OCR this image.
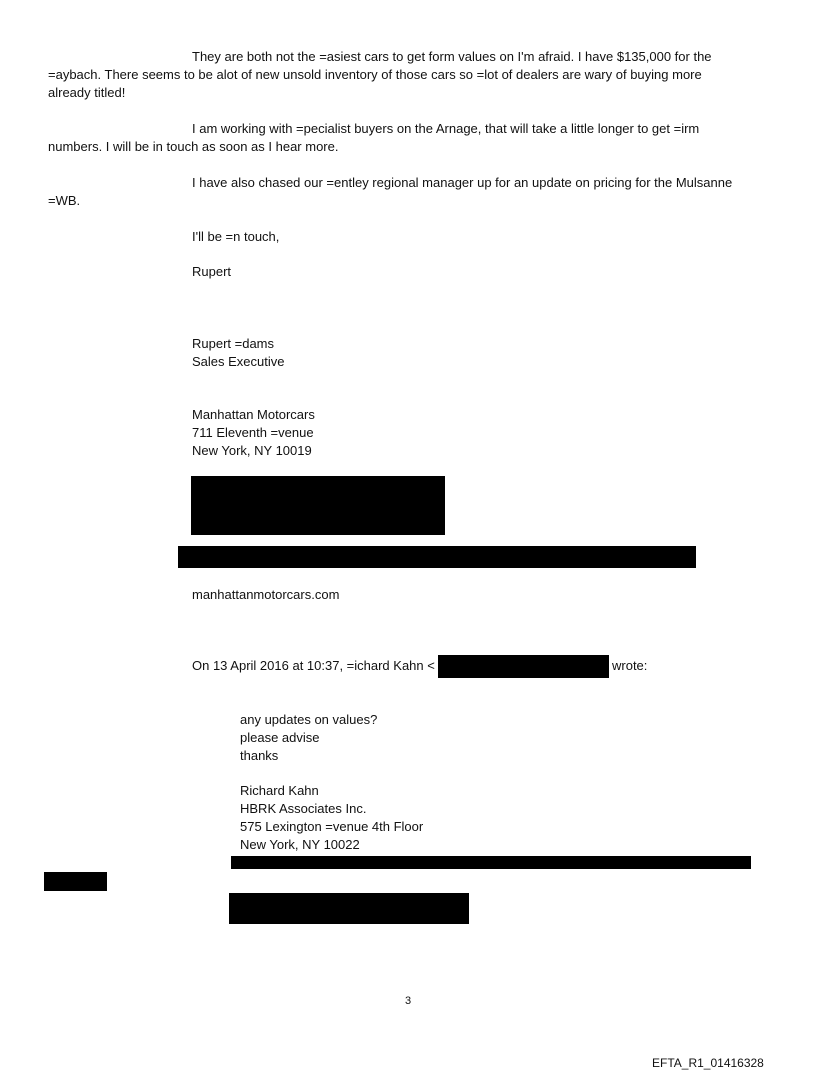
They are both not the =asiest cars to get form values on I'm afraid. I have $135,000 for the
=aybach. There seems to be alot of new unsold inventory of those cars so =lot of dealers are wary of buying more
already titled!
I am working with =pecialist buyers on the Arnage, that will take a little longer to get =irm
numbers. I will be in touch as soon as I hear more.
I have also chased our =entley regional manager up for an update on pricing for the Mulsanne
=WB.
I'll be =n touch,
Rupert
Rupert =dams
Sales Executive
Manhattan Motorcars
711 Eleventh =venue
New York, NY 10019
manhattanmotorcars.com
On 13 April 2016 at 10:37, =ichard Kahn <	wrote:
any updates on values?
please advise
thanks
Richard Kahn
HBRK Associates Inc.
575 Lexington =venue 4th Floor
New York, NY 10022
3
EFTA_R1_01416328
